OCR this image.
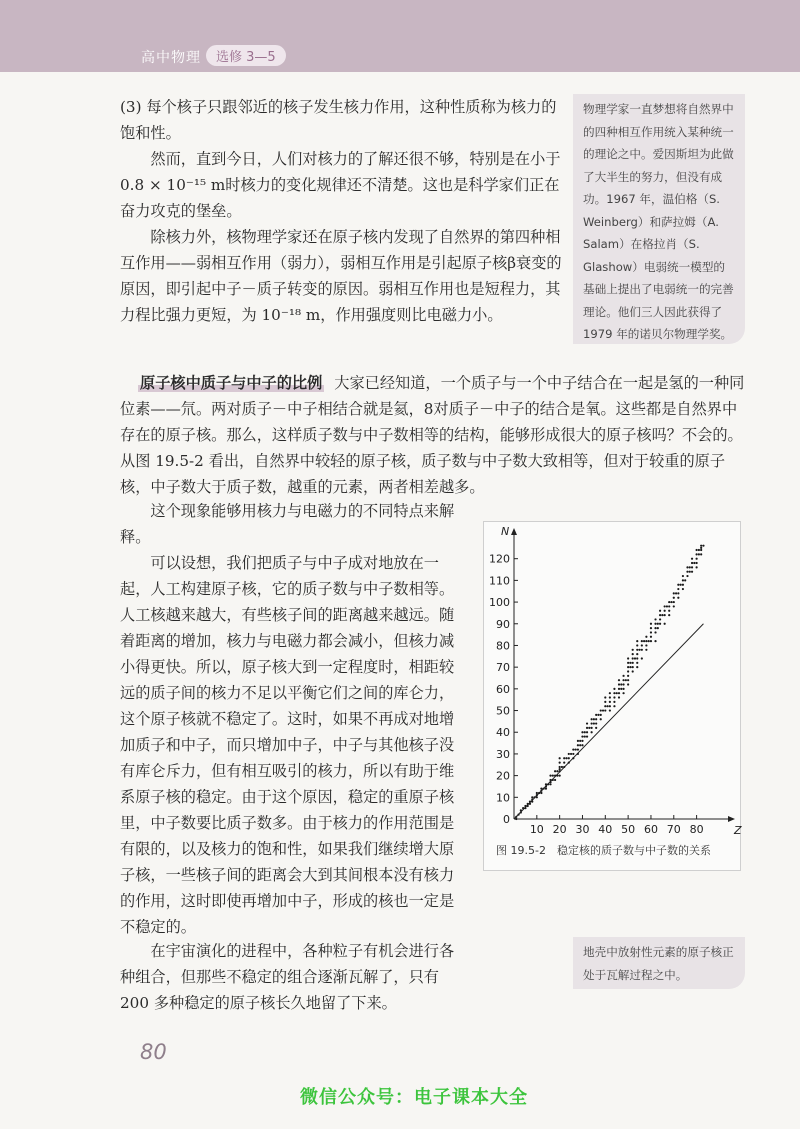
高中物理	选修 3—5

(3) 每个核子只跟邻近的核子发生核力作用，这种性质称为核力的饱和性。

然而，直到今日，人们对核力的了解还很不够，特别是在小于 0.8 × 10⁻¹⁵ m时核力的变化规律还不清楚。这也是科学家们正在奋力攻克的堡垒。

除核力外，核物理学家还在原子核内发现了自然界的第四种相互作用——弱相互作用（弱力），弱相互作用是引起原子核β衰变的原因，即引起中子－质子转变的原因。弱相互作用也是短程力，其力程比强力更短，为 10⁻¹⁸ m，作用强度则比电磁力小。

物理学家一直梦想将自然界中的四种相互作用统入某种统一的理论之中。爱因斯坦为此做了大半生的努力，但没有成功。1967 年，温伯格（S. Weinberg）和萨拉姆（A. Salam）在格拉肖（S. Glashow）电弱统一模型的基础上提出了电弱统一的完善理论。他们三人因此获得了 1979 年的诺贝尔物理学奖。

原子核中质子与中子的比例 大家已经知道，一个质子与一个中子结合在一起是氢的一种同位素——氘。两对质子－中子相结合就是氦，8对质子－中子的结合是氧。这些都是自然界中存在的原子核。那么，这样质子数与中子数相等的结构，能够形成很大的原子核吗？不会的。从图 19.5-2 看出，自然界中较轻的原子核，质子数与中子数大致相等，但对于较重的原子核，中子数大于质子数，越重的元素，两者相差越多。

这个现象能够用核力与电磁力的不同特点来解释。

可以设想，我们把质子与中子成对地放在一起，人工构建原子核，它的质子数与中子数相等。人工核越来越大，有些核子间的距离越来越远。随着距离的增加，核力与电磁力都会减小，但核力减小得更快。所以，原子核大到一定程度时，相距较远的质子间的核力不足以平衡它们之间的库仑力，这个原子核就不稳定了。这时，如果不再成对地增加质子和中子，而只增加中子，中子与其他核子没有库仑斥力，但有相互吸引的核力，所以有助于维系原子核的稳定。由于这个原因，稳定的重原子核里，中子数要比质子数多。由于核力的作用范围是有限的，以及核力的饱和性，如果我们继续增大原子核，一些核子间的距离会大到其间根本没有核力的作用，这时即使再增加中子，形成的核也一定是不稳定的。

在宇宙演化的进程中，各种粒子有机会进行各种组合，但那些不稳定的组合逐渐瓦解了，只有 200 多种稳定的原子核长久地留了下来。

地壳中放射性元素的原子核正处于瓦解过程之中。
N
Z
10 20 30 40 50 60 70 80
0
10
20
30
40
50
60
70
80
90
100
110
120
图 19.5-2　稳定核的质子数与中子数的关系
80
微信公众号：电子课本大全
